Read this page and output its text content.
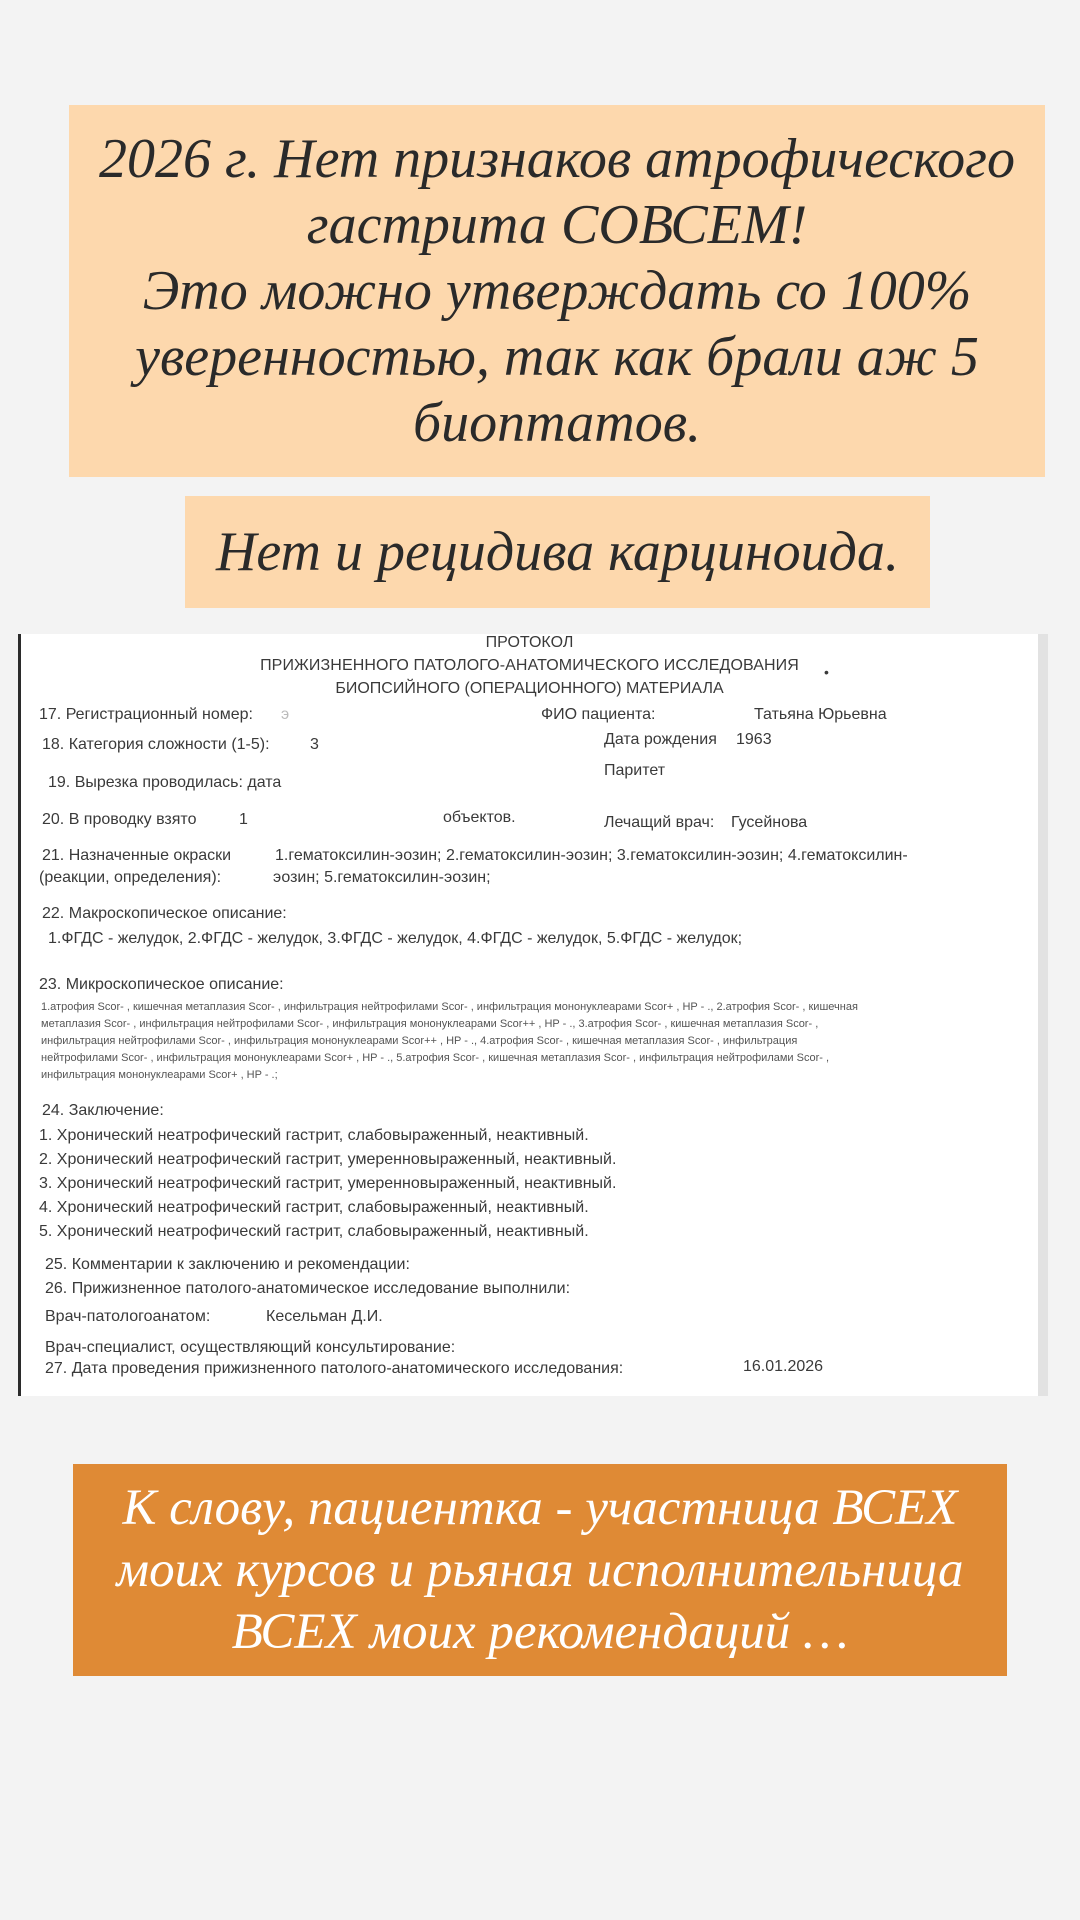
2026 г. Нет признаков атрофического
гастрита СОВСЕМ!
Это можно утверждать со 100%
уверенностью, так как брали аж 5
биоптатов.
Нет и рецидива карциноида.
ПРОТОКОЛ
ПРИЖИЗНЕННОГО ПАТОЛОГО-АНАТОМИЧЕСКОГО ИССЛЕДОВАНИЯ	•
БИОПСИЙНОГО (ОПЕРАЦИОННОГО) МАТЕРИАЛА
17. Регистрационный номер: э	ФИО пациента:	Татьяна Юрьевна
18. Категория сложности (1-5):	3	Дата рождения 1963
19. Вырезка проводилась: дата
Паритет
20. В проводку взято	1	объектов.	Лечащий врач: Гусейнова
21. Назначенные окраски	1.гематоксилин-эозин; 2.гематоксилин-эозин; 3.гематоксилин-эозин; 4.гематоксилин-
(реакции, определения):	эозин; 5.гематоксилин-эозин;
22. Макроскопическое описание:
1.ФГДС - желудок, 2.ФГДС - желудок, 3.ФГДС - желудок, 4.ФГДС - желудок, 5.ФГДС - желудок;
23. Микроскопическое описание:
1.атрофия Scor- , кишечная метаплазия Scor- , инфильтрация нейтрофилами Scor- , инфильтрация мононуклеарами Scor+ , HP - ., 2.атрофия Scor- , кишечная
метаплазия Scor- , инфильтрация нейтрофилами Scor- , инфильтрация мононуклеарами Scor++ , HP - ., 3.атрофия Scor- , кишечная метаплазия Scor- ,
инфильтрация нейтрофилами Scor- , инфильтрация мононуклеарами Scor++ , HP - ., 4.атрофия Scor- , кишечная метаплазия Scor- , инфильтрация
нейтрофилами Scor- , инфильтрация мононуклеарами Scor+ , HP - ., 5.атрофия Scor- , кишечная метаплазия Scor- , инфильтрация нейтрофилами Scor- ,
инфильтрация мононуклеарами Scor+ , HP - .;
24. Заключение:
1. Хронический неатрофический гастрит, слабовыраженный, неактивный.
2. Хронический неатрофический гастрит, умеренновыраженный, неактивный.
3. Хронический неатрофический гастрит, умеренновыраженный, неактивный.
4. Хронический неатрофический гастрит, слабовыраженный, неактивный.
5. Хронический неатрофический гастрит, слабовыраженный, неактивный.
25. Комментарии к заключению и рекомендации:
26. Прижизненное патолого-анатомическое исследование выполнили:
Врач-патологоанатом:	Кесельман Д.И.
Врач-специалист, осуществляющий консультирование:
27. Дата проведения прижизненного патолого-анатомического исследования:	16.01.2026
К слову, пациентка - участница ВСЕХ
моих курсов и рьяная исполнительница
ВСЕХ моих рекомендаций …
